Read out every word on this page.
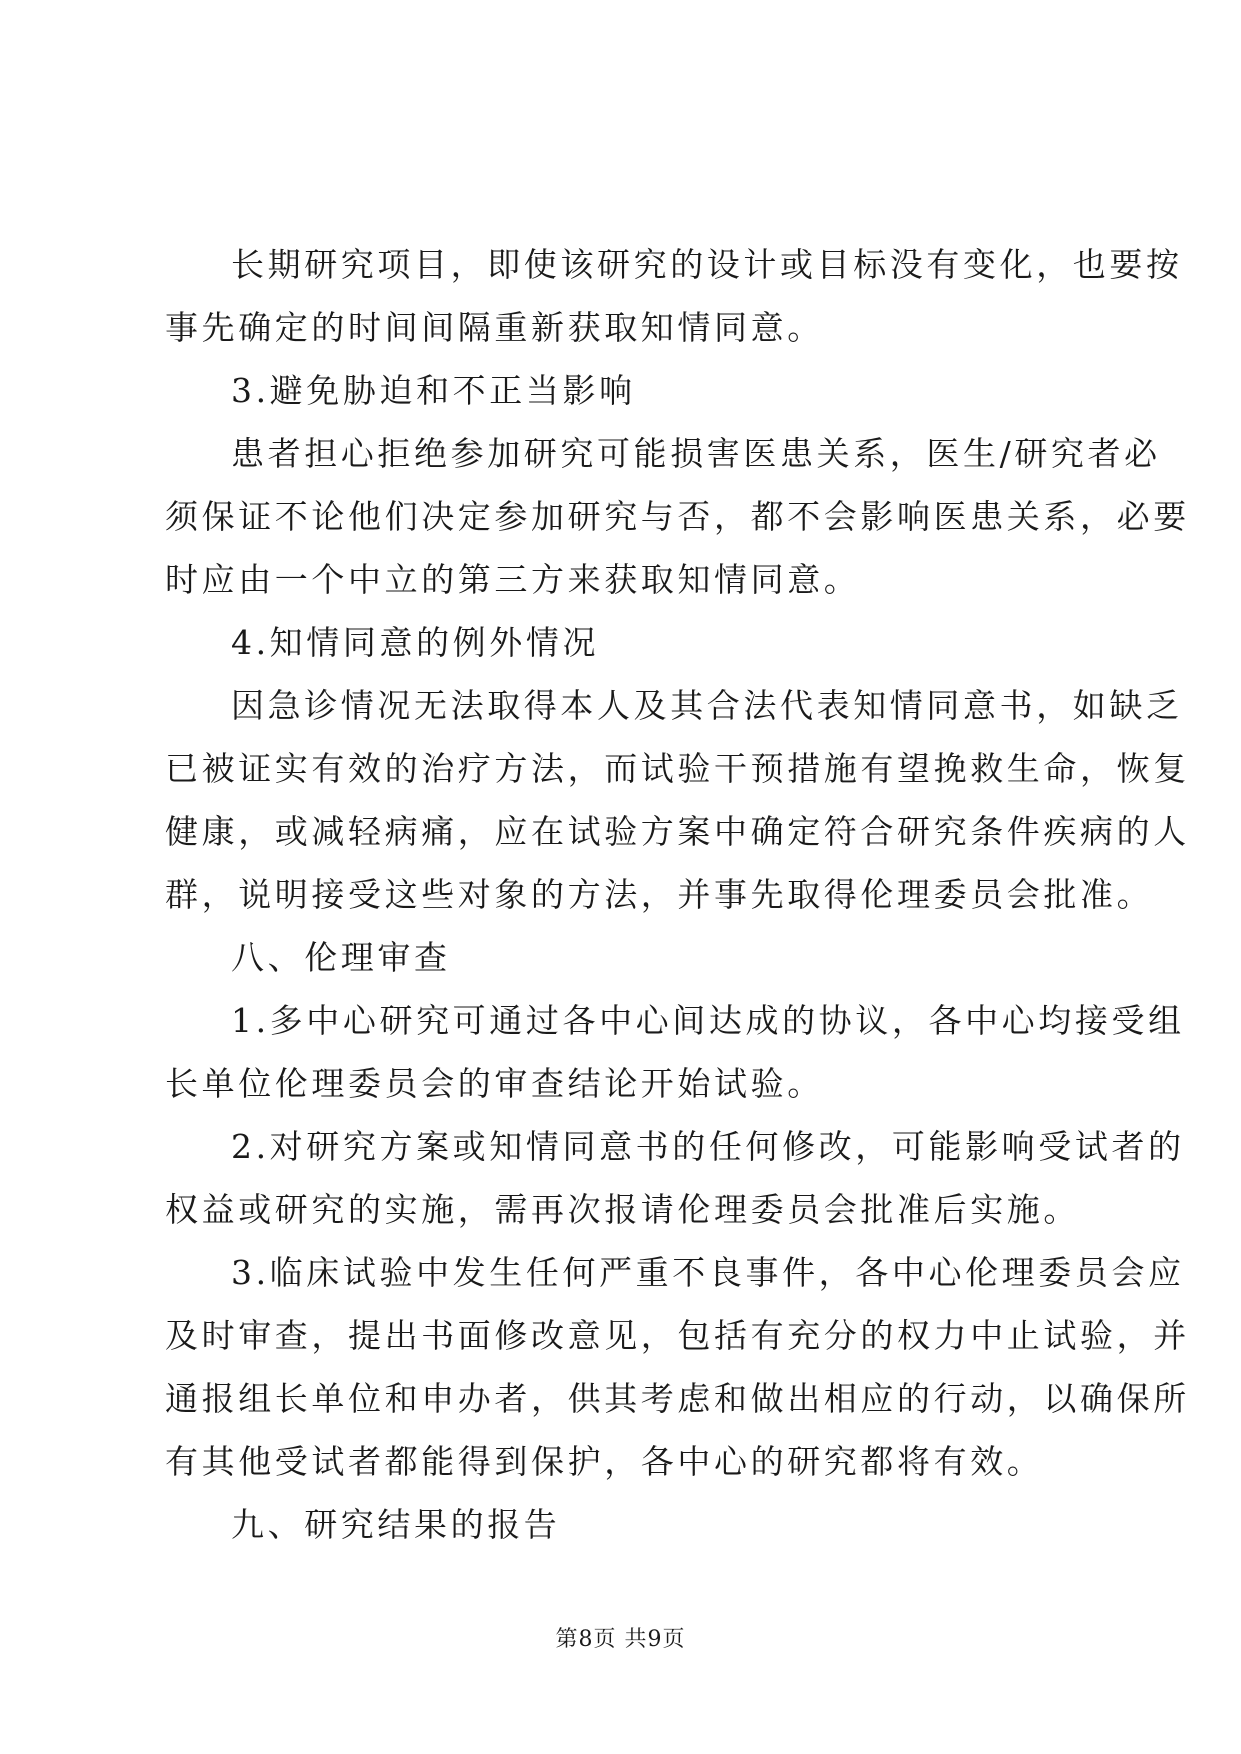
长期研究项目，即使该研究的设计或目标没有变化，也要按
事先确定的时间间隔重新获取知情同意。
3.避免胁迫和不正当影响
患者担心拒绝参加研究可能损害医患关系，医生/研究者必
须保证不论他们决定参加研究与否，都不会影响医患关系，必要
时应由一个中立的第三方来获取知情同意。
4.知情同意的例外情况
因急诊情况无法取得本人及其合法代表知情同意书，如缺乏
已被证实有效的治疗方法，而试验干预措施有望挽救生命，恢复
健康，或减轻病痛，应在试验方案中确定符合研究条件疾病的人
群，说明接受这些对象的方法，并事先取得伦理委员会批准。
八、伦理审查
1.多中心研究可通过各中心间达成的协议，各中心均接受组
长单位伦理委员会的审查结论开始试验。
2.对研究方案或知情同意书的任何修改，可能影响受试者的
权益或研究的实施，需再次报请伦理委员会批准后实施。
3.临床试验中发生任何严重不良事件，各中心伦理委员会应
及时审查，提出书面修改意见，包括有充分的权力中止试验，并
通报组长单位和申办者，供其考虑和做出相应的行动，以确保所
有其他受试者都能得到保护，各中心的研究都将有效。
九、研究结果的报告
第8页 共9页
